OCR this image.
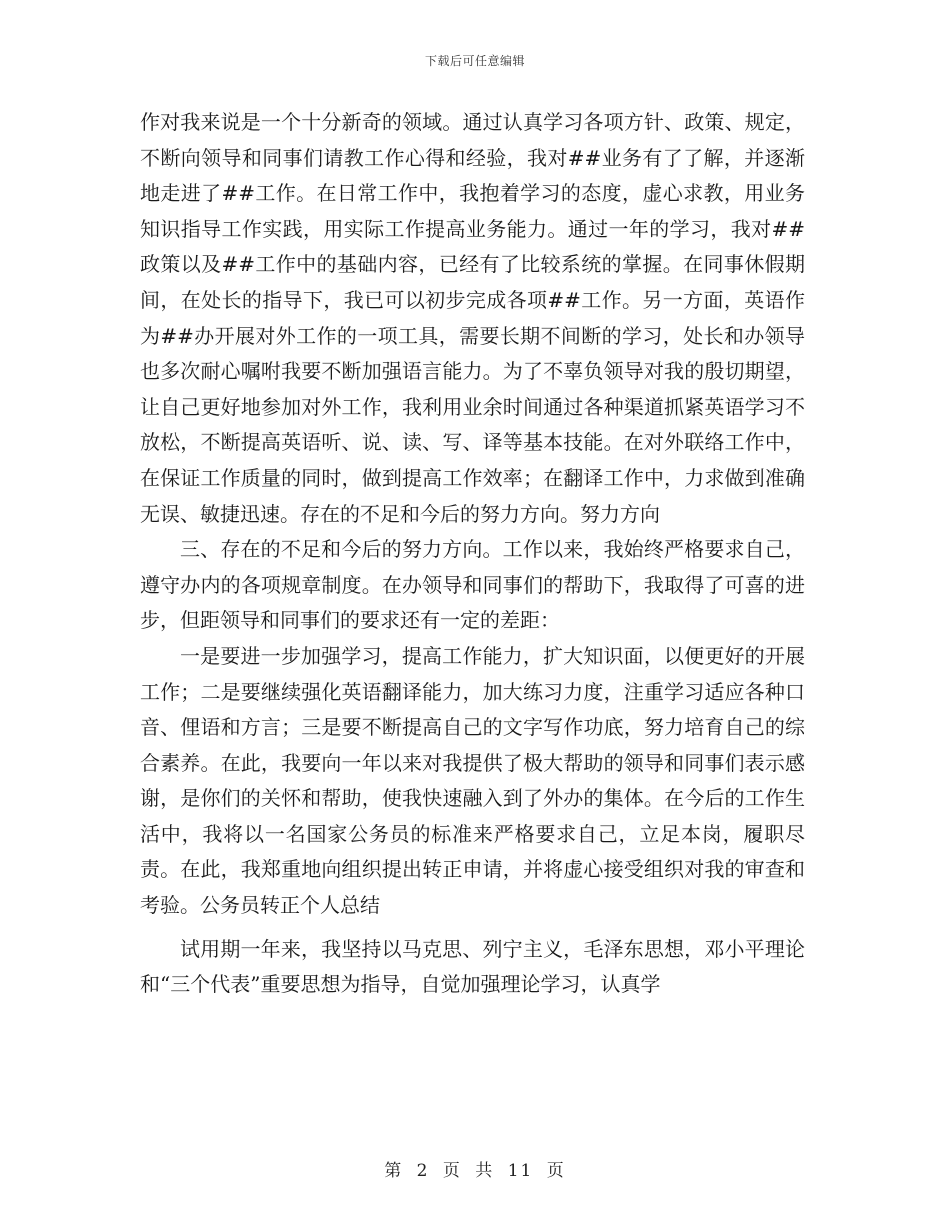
下载后可任意编辑

作对我来说是一个十分新奇的领域。通过认真学习各项方针、政策、规定，不断向领导和同事们请教工作心得和经验，我对##业务有了了解，并逐渐地走进了##工作。在日常工作中，我抱着学习的态度，虚心求教，用业务知识指导工作实践，用实际工作提高业务能力。通过一年的学习，我对##政策以及##工作中的基础内容，已经有了比较系统的掌握。在同事休假期间，在处长的指导下，我已可以初步完成各项##工作。另一方面，英语作为##办开展对外工作的一项工具，需要长期不间断的学习，处长和办领导也多次耐心嘱咐我要不断加强语言能力。为了不辜负领导对我的殷切期望，让自己更好地参加对外工作，我利用业余时间通过各种渠道抓紧英语学习不放松，不断提高英语听、说、读、写、译等基本技能。在对外联络工作中，在保证工作质量的同时，做到提高工作效率；在翻译工作中，力求做到准确无误、敏捷迅速。存在的不足和今后的努力方向。努力方向

三、存在的不足和今后的努力方向。工作以来，我始终严格要求自己，遵守办内的各项规章制度。在办领导和同事们的帮助下，我取得了可喜的进步，但距领导和同事们的要求还有一定的差距：

一是要进一步加强学习，提高工作能力，扩大知识面，以便更好的开展工作；二是要继续强化英语翻译能力，加大练习力度，注重学习适应各种口音、俚语和方言；三是要不断提高自己的文字写作功底，努力培育自己的综合素养。在此，我要向一年以来对我提供了极大帮助的领导和同事们表示感谢，是你们的关怀和帮助，使我快速融入到了外办的集体。在今后的工作生活中，我将以一名国家公务员的标准来严格要求自己，立足本岗，履职尽责。在此，我郑重地向组织提出转正申请，并将虚心接受组织对我的审查和考验。公务员转正个人总结

试用期一年来，我坚持以马克思、列宁主义，毛泽东思想，邓小平理论和“三个代表”重要思想为指导，自觉加强理论学习，认真学

第 2 页 共 11 页
